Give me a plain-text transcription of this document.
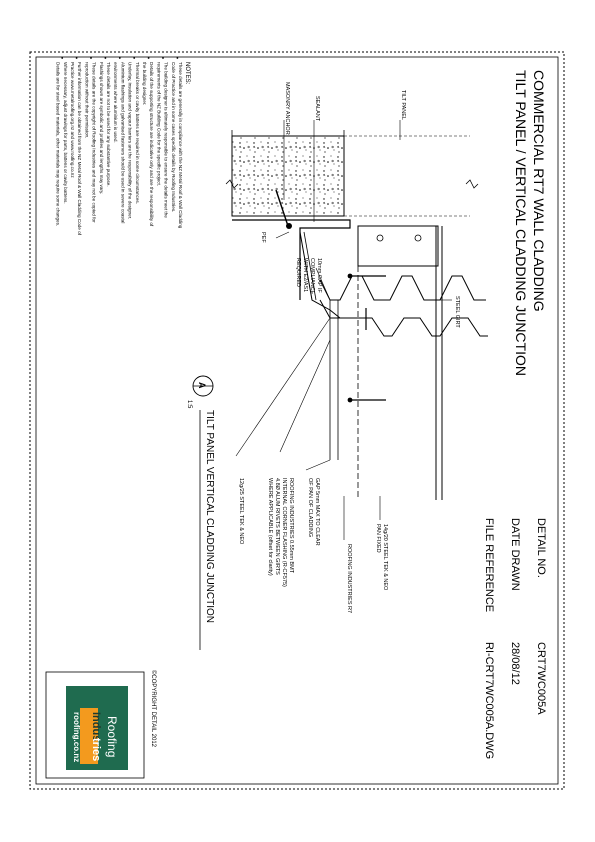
COMMERCIAL RT7 WALL CLADDING
TILT PANEL / VERTICAL CLADDING JUNCTION
DETAIL NO.
CRT7WC005A
DATE DRAWN
28/08/12
FILE REFERENCE
RI-CRT7WC005A.DWG
TILT PANEL
SEALANT
MASONRY ANCHOR
PEF
10mm GAP IF
COMPLIANCE
WITH E2/AS1
REQUIRED
STEEL GIRT
14g/20 STEEL TEK & NEO
PAN FIXED
ROOFING INDUSTRIES R7
GAP 5mm MAX TO CLEAR
OF PAN OF CLADDING
ROOFING INDUSTRIES 0.55mm BMT
INTERNAL CORNER FLASHING (R-CF575)
4.8Ø ALUM RIVETS BETWEEN GIRTS
WHERE APPLICABLE (offset for clarity)
12g/25 STEEL TEK & NEO
A
1:5
TILT PANEL VERTICAL CLADDING JUNCTION
NOTES:
These details are generally in compliance with the NZ Metal Roof & Wall Cladding
Code of Practice and in some cases specific details by Roofing Industries.
The building designer is ultimately responsible to ensure the details meet the
requirements of the NZ Building Code for the specific project.
Details of the supporting structure are indicative only and are the responsibility of
the building designer.
Thermal breaks or cavity battens are required in some circumstances.
Underlay, insulation and vapour barriers are the responsibility of the designer.
Aluminium flashings and galvanised fasteners should be used in severe coastal
environments where aluminium is used.
These details are not to be used for any substantive purpose.
Flashings shown are symbolic and profiles and lengths may vary.
These details are the copyright of Roofing Industries and may not be copied for
reproduction without their permission.
Further information can be obtained from the NZ Metal Roof & Wall Cladding Code of
Practice www.metalroofing.org.nz and www.roofing.co.nz
Where necessary, adjust drawings for parts, battens or cavity battens.
Details are for steel based materials, other materials may require some changes.
©COPYRIGHT DETAIL 2012
Roofing
Indus
tries
roofing.co.nz
